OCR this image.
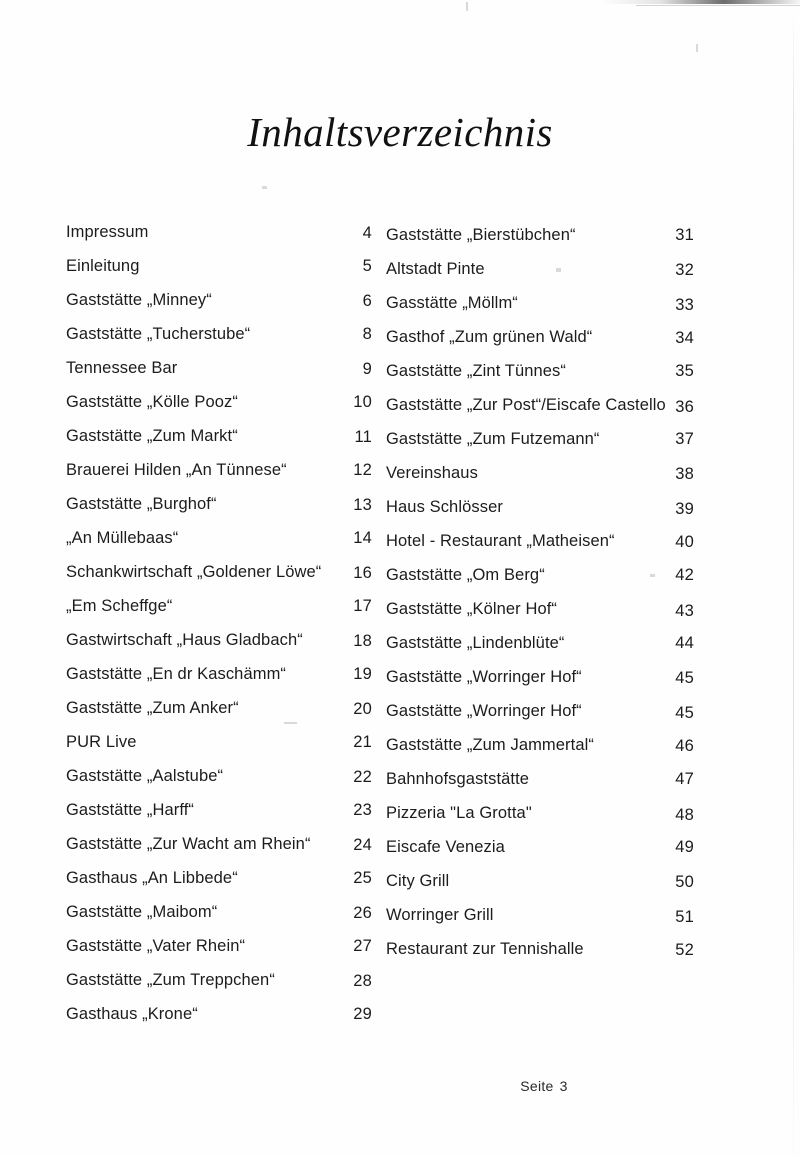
Inhaltsverzeichnis
Impressum	4
Einleitung	5
Gaststätte „Minney“	6
Gaststätte „Tucherstube“	8
Tennessee Bar	9
Gaststätte „Kölle Pooz“	10
Gaststätte „Zum Markt“	11
Brauerei Hilden „An Tünnese“	12
Gaststätte „Burghof“	13
„An Müllebaas“	14
Schankwirtschaft „Goldener Löwe“ 16
„Em Scheffge“	17
Gastwirtschaft „Haus Gladbach“	18
Gaststätte „En dr Kaschämm“	19
Gaststätte „Zum Anker“	20
PUR Live	21
Gaststätte „Aalstube“	22
Gaststätte „Harff“	23
Gaststätte „Zur Wacht am Rhein“	24
Gasthaus „An Libbede“	25
Gaststätte „Maibom“	26
Gaststätte „Vater Rhein“	27
Gaststätte „Zum Treppchen“	28
Gasthaus „Krone“	29
Gaststätte „Bierstübchen“	31
Altstadt Pinte	32
Gasstätte „Möllm“	33
Gasthof „Zum grünen Wald“	34
Gaststätte „Zint Tünnes“	35
Gaststätte „Zur Post“/Eiscafe Castello 36
Gaststätte „Zum Futzemann“	37
Vereinshaus	38
Haus Schlösser	39
Hotel - Restaurant „Matheisen“	40
Gaststätte „Om Berg“	42
Gaststätte „Kölner Hof“	43
Gaststätte „Lindenblüte“	44
Gaststätte „Worringer Hof“	45
Gaststätte „Worringer Hof“	45
Gaststätte „Zum Jammertal“	46
Bahnhofsgaststätte	47
Pizzeria "La Grotta"	48
Eiscafe Venezia	49
City Grill	50
Worringer Grill	51
Restaurant zur Tennishalle	52
Seite 3
